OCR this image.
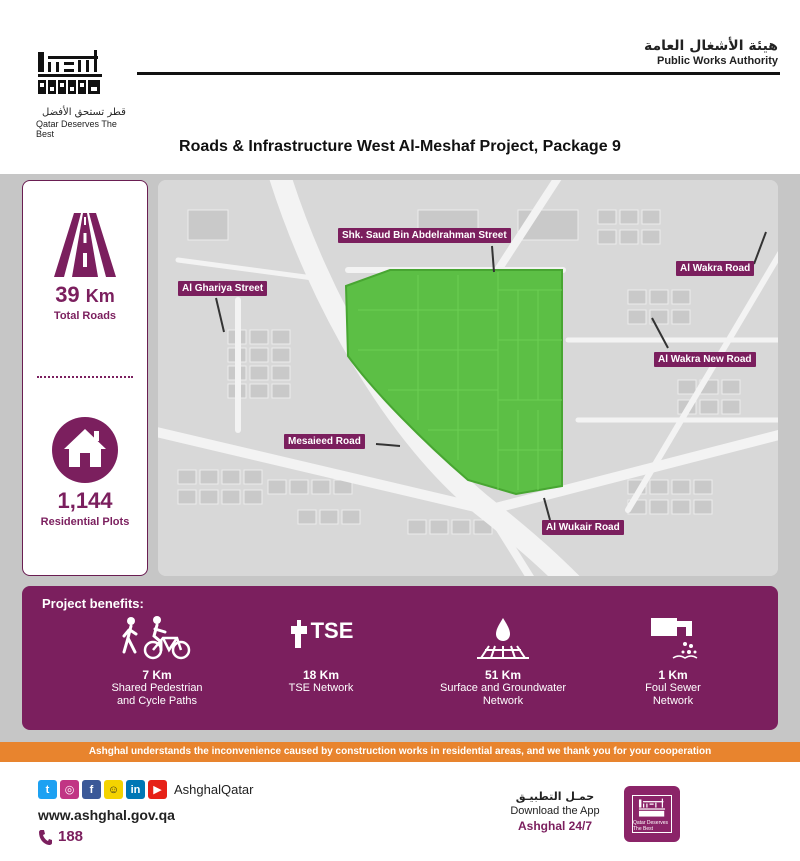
قطر تستحق الأفضل
Qatar Deserves The Best
هيئة الأشغال العامة
Public Works Authority
Roads & Infrastructure West Al-Meshaf Project, Package 9
39 Km
Total Roads
1,144
Residential Plots
Shk. Saud Bin Abdelrahman Street
Al Ghariya Street
Al Wakra Road
Al Wakra New Road
Mesaieed Road
Al Wukair Road
Project benefits:
7 Km
Shared Pedestrian
and Cycle Paths
TSE
18 Km
TSE Network
51 Km
Surface and Groundwater
Network
1 Km
Foul Sewer
Network
Ashghal understands the inconvenience caused by construction works in residential areas, and we thank you for your cooperation
t	◎	f	☺	in	▶ AshghalQatar
www.ashghal.gov.qa
188
حمـل التطبيـق
Download the App
Ashghal 24/7	Qatar Deserves The Best
